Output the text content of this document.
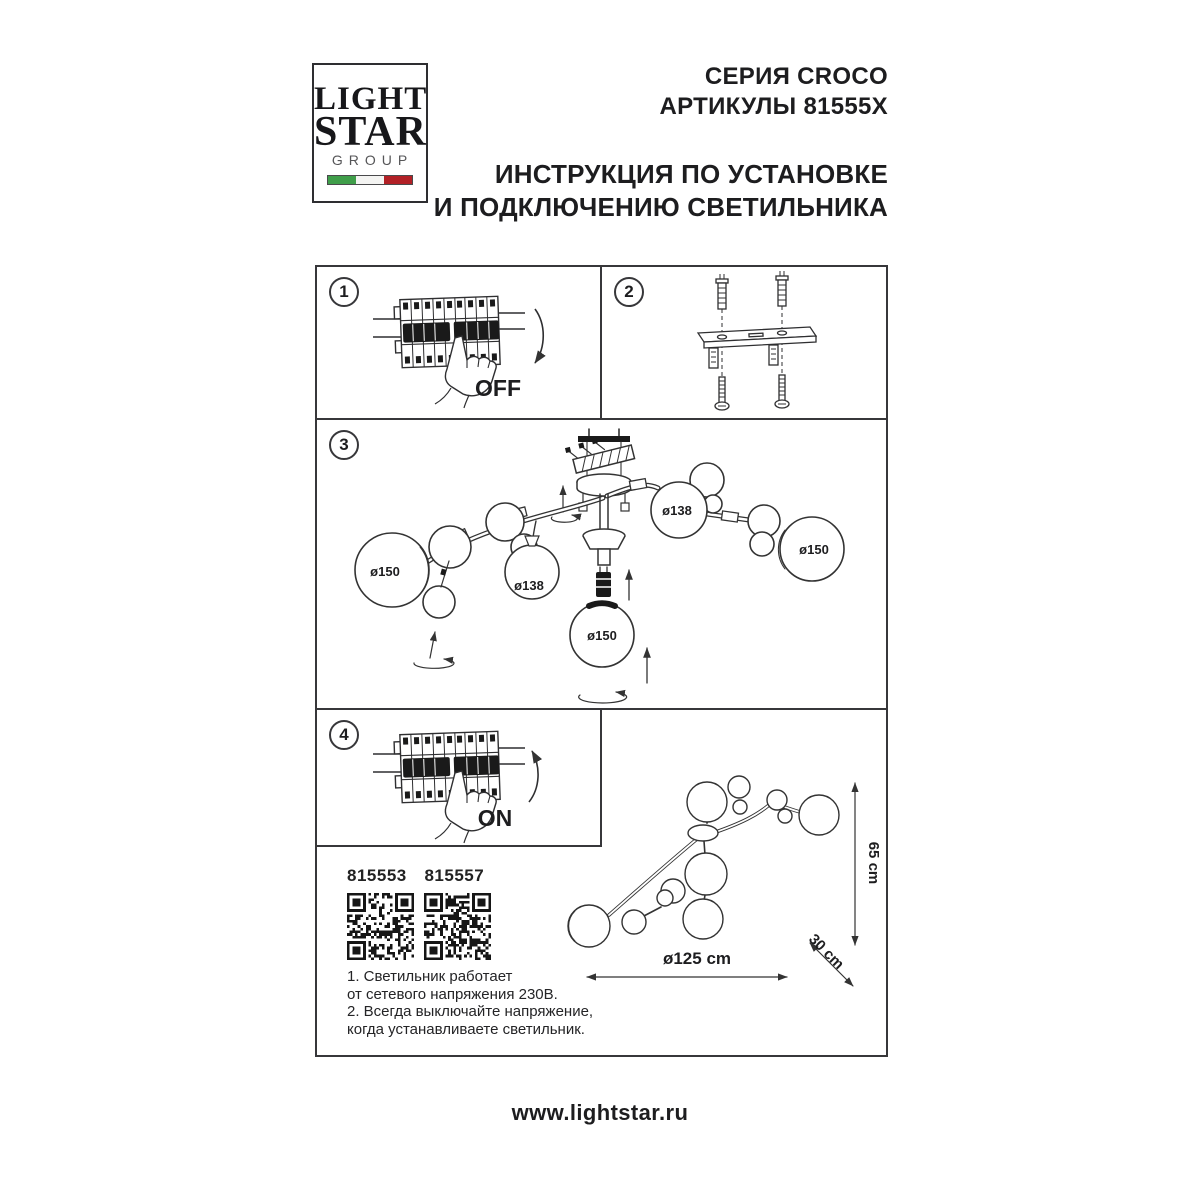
LIGHT
STAR
GROUP
СЕРИЯ CROCO
АРТИКУЛЫ 81555X
ИНСТРУКЦИЯ ПО УСТАНОВКЕ
И ПОДКЛЮЧЕНИЮ СВЕТИЛЬНИКА
1
OFF
2
3
ø150
ø138
ø138
ø150
ø150
4
ON
815553
	815557
1. Светильник работает
от сетевого напряжения 230В.
2. Всегда выключайте напряжение,
когда устанавливаете светильник.
ø125 cm
65 cm
30 cm
www.lightstar.ru
